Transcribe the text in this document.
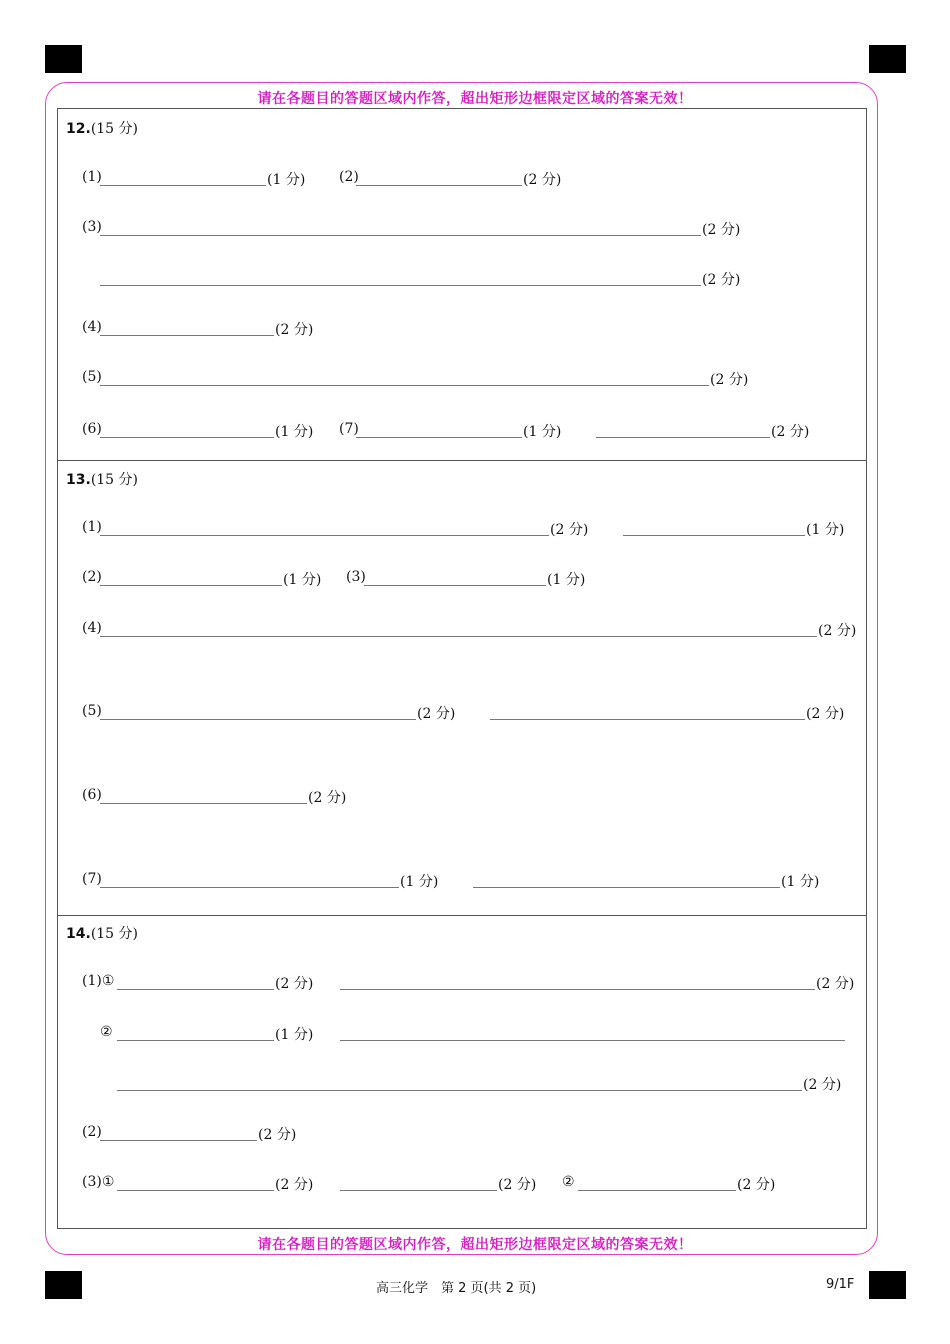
请在各题目的答题区域内作答，超出矩形边框限定区域的答案无效！
请在各题目的答题区域内作答，超出矩形边框限定区域的答案无效！
12.(15 分)
(1)	(1 分) (2)	(2 分)
(3)	(2 分)
(2 分)
(4)	(2 分)
(5)	(2 分)
(6)	(1 分) (7)	(1 分)	(2 分)
13.(15 分)
(1)	(2 分)	(1 分)
(2)	(1 分) (3)	(1 分)
(4)	(2 分)
(5)	(2 分)	(2 分)
(6)	(2 分)
(7)	(1 分)	(1 分)
14.(15 分)
(1)①	(2 分)	(2 分)
②	(1 分)
(2 分)
(2)	(2 分)
(3)①	(2 分)	(2 分) ②	(2 分)
高三化学　第 2 页(共 2 页)	9/1F
